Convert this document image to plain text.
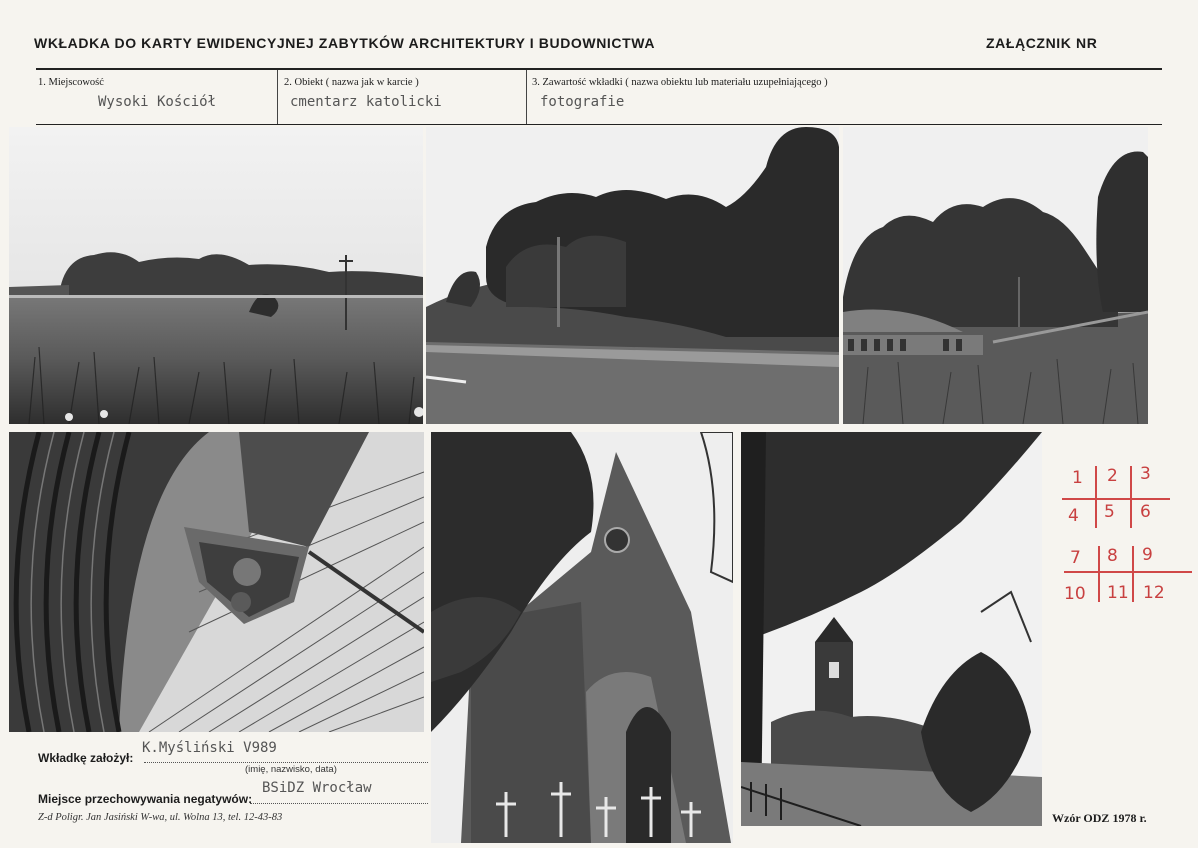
WKŁADKA DO KARTY EWIDENCYJNEJ ZABYTKÓW ARCHITEKTURY I BUDOWNICTWA	ZAŁĄCZNIK NR
1. Miejscowość
Wysoki Kościół
2. Obiekt ( nazwa jak w karcie )
cmentarz katolicki
3. Zawartość wkładki ( nazwa obiektu lub materiału uzupełniającego )
fotografie
Wkładkę założył:
K.Myśliński V989
(imię, nazwisko, data)
Miejsce przechowywania negatywów:
BSiDZ Wrocław
Z-d Poligr. Jan Jasiński W-wa, ul. Wolna 13, tel. 12-43-83	Wzór ODZ 1978 r.
1 2 3
4 5 6
7 8 9
10 11 12
